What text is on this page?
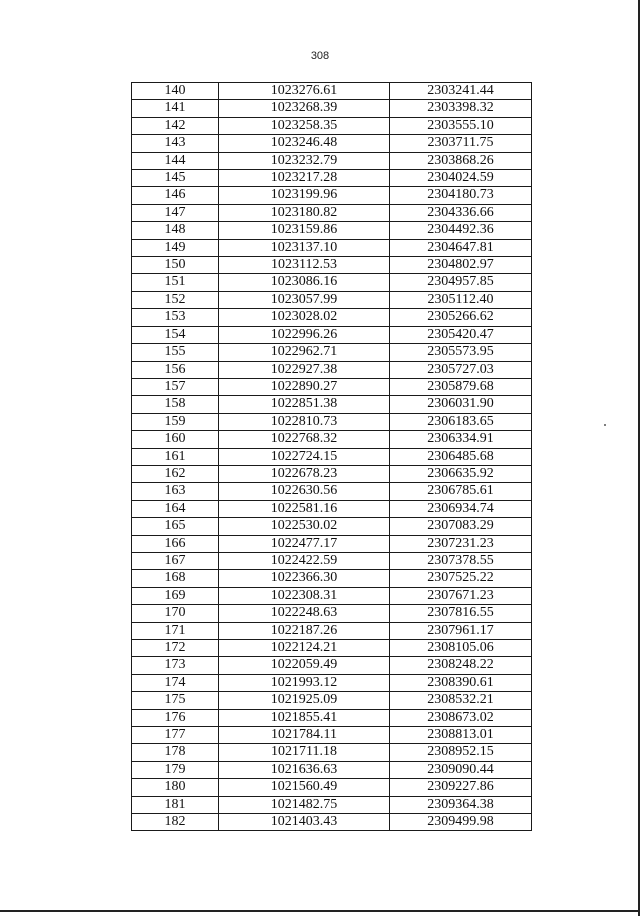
308
140	1023276.61	2303241.44
141	1023268.39	2303398.32
142	1023258.35	2303555.10
143	1023246.48	2303711.75
144	1023232.79	2303868.26
145	1023217.28	2304024.59
146	1023199.96	2304180.73
147	1023180.82	2304336.66
148	1023159.86	2304492.36
149	1023137.10	2304647.81
150	1023112.53	2304802.97
151	1023086.16	2304957.85
152	1023057.99	2305112.40
153	1023028.02	2305266.62
154	1022996.26	2305420.47
155	1022962.71	2305573.95
156	1022927.38	2305727.03
157	1022890.27	2305879.68
158	1022851.38	2306031.90
159	1022810.73	2306183.65
160	1022768.32	2306334.91
161	1022724.15	2306485.68
162	1022678.23	2306635.92
163	1022630.56	2306785.61
164	1022581.16	2306934.74
165	1022530.02	2307083.29
166	1022477.17	2307231.23
167	1022422.59	2307378.55
168	1022366.30	2307525.22
169	1022308.31	2307671.23
170	1022248.63	2307816.55
171	1022187.26	2307961.17
172	1022124.21	2308105.06
173	1022059.49	2308248.22
174	1021993.12	2308390.61
175	1021925.09	2308532.21
176	1021855.41	2308673.02
177	1021784.11	2308813.01
178	1021711.18	2308952.15
179	1021636.63	2309090.44
180	1021560.49	2309227.86
181	1021482.75	2309364.38
182	1021403.43	2309499.98
